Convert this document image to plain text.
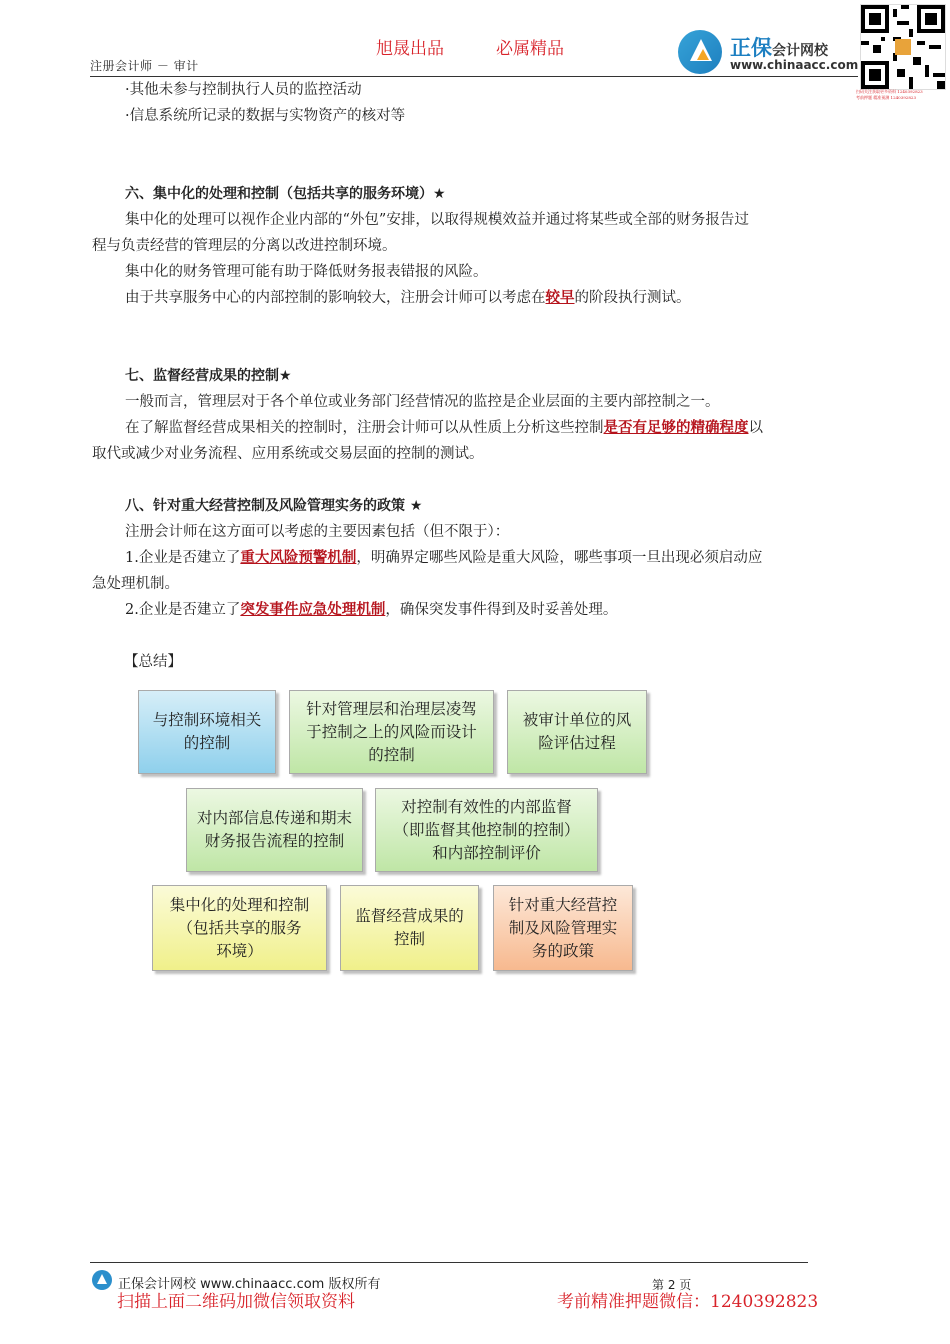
旭晟出品	必属精品
注册会计师 － 审计
正保会计网校
www.chinaacc.com
扫码关注获取更多资料 1240392823
考前押题 精准预测 1240392823
·其他未参与控制执行人员的监控活动
·信息系统所记录的数据与实物资产的核对等
六、集中化的处理和控制（包括共享的服务环境）★
集中化的处理可以视作企业内部的“外包”安排，以取得规模效益并通过将某些或全部的财务报告过
程与负责经营的管理层的分离以改进控制环境。
集中化的财务管理可能有助于降低财务报表错报的风险。
由于共享服务中心的内部控制的影响较大，注册会计师可以考虑在较早的阶段执行测试。
七、监督经营成果的控制★
一般而言，管理层对于各个单位或业务部门经营情况的监控是企业层面的主要内部控制之一。
在了解监督经营成果相关的控制时，注册会计师可以从性质上分析这些控制是否有足够的精确程度以
取代或减少对业务流程、应用系统或交易层面的控制的测试。
八、针对重大经营控制及风险管理实务的政策 ★
注册会计师在这方面可以考虑的主要因素包括（但不限于）：
1.企业是否建立了重大风险预警机制，明确界定哪些风险是重大风险，哪些事项一旦出现必须启动应
急处理机制。
2.企业是否建立了突发事件应急处理机制，确保突发事件得到及时妥善处理。
【总结】
与控制环境相关
的控制
针对管理层和治理层凌驾
于控制之上的风险而设计
的控制
被审计单位的风
险评估过程
对内部信息传递和期末
财务报告流程的控制
对控制有效性的内部监督
（即监督其他控制的控制）
和内部控制评价
集中化的处理和控制
（包括共享的服务
环境）
监督经营成果的
控制
针对重大经营控
制及风险管理实
务的政策
正保会计网校 www.chinaacc.com 版权所有	第 2 页
扫描上面二维码加微信领取资料	考前精准押题微信：1240392823
